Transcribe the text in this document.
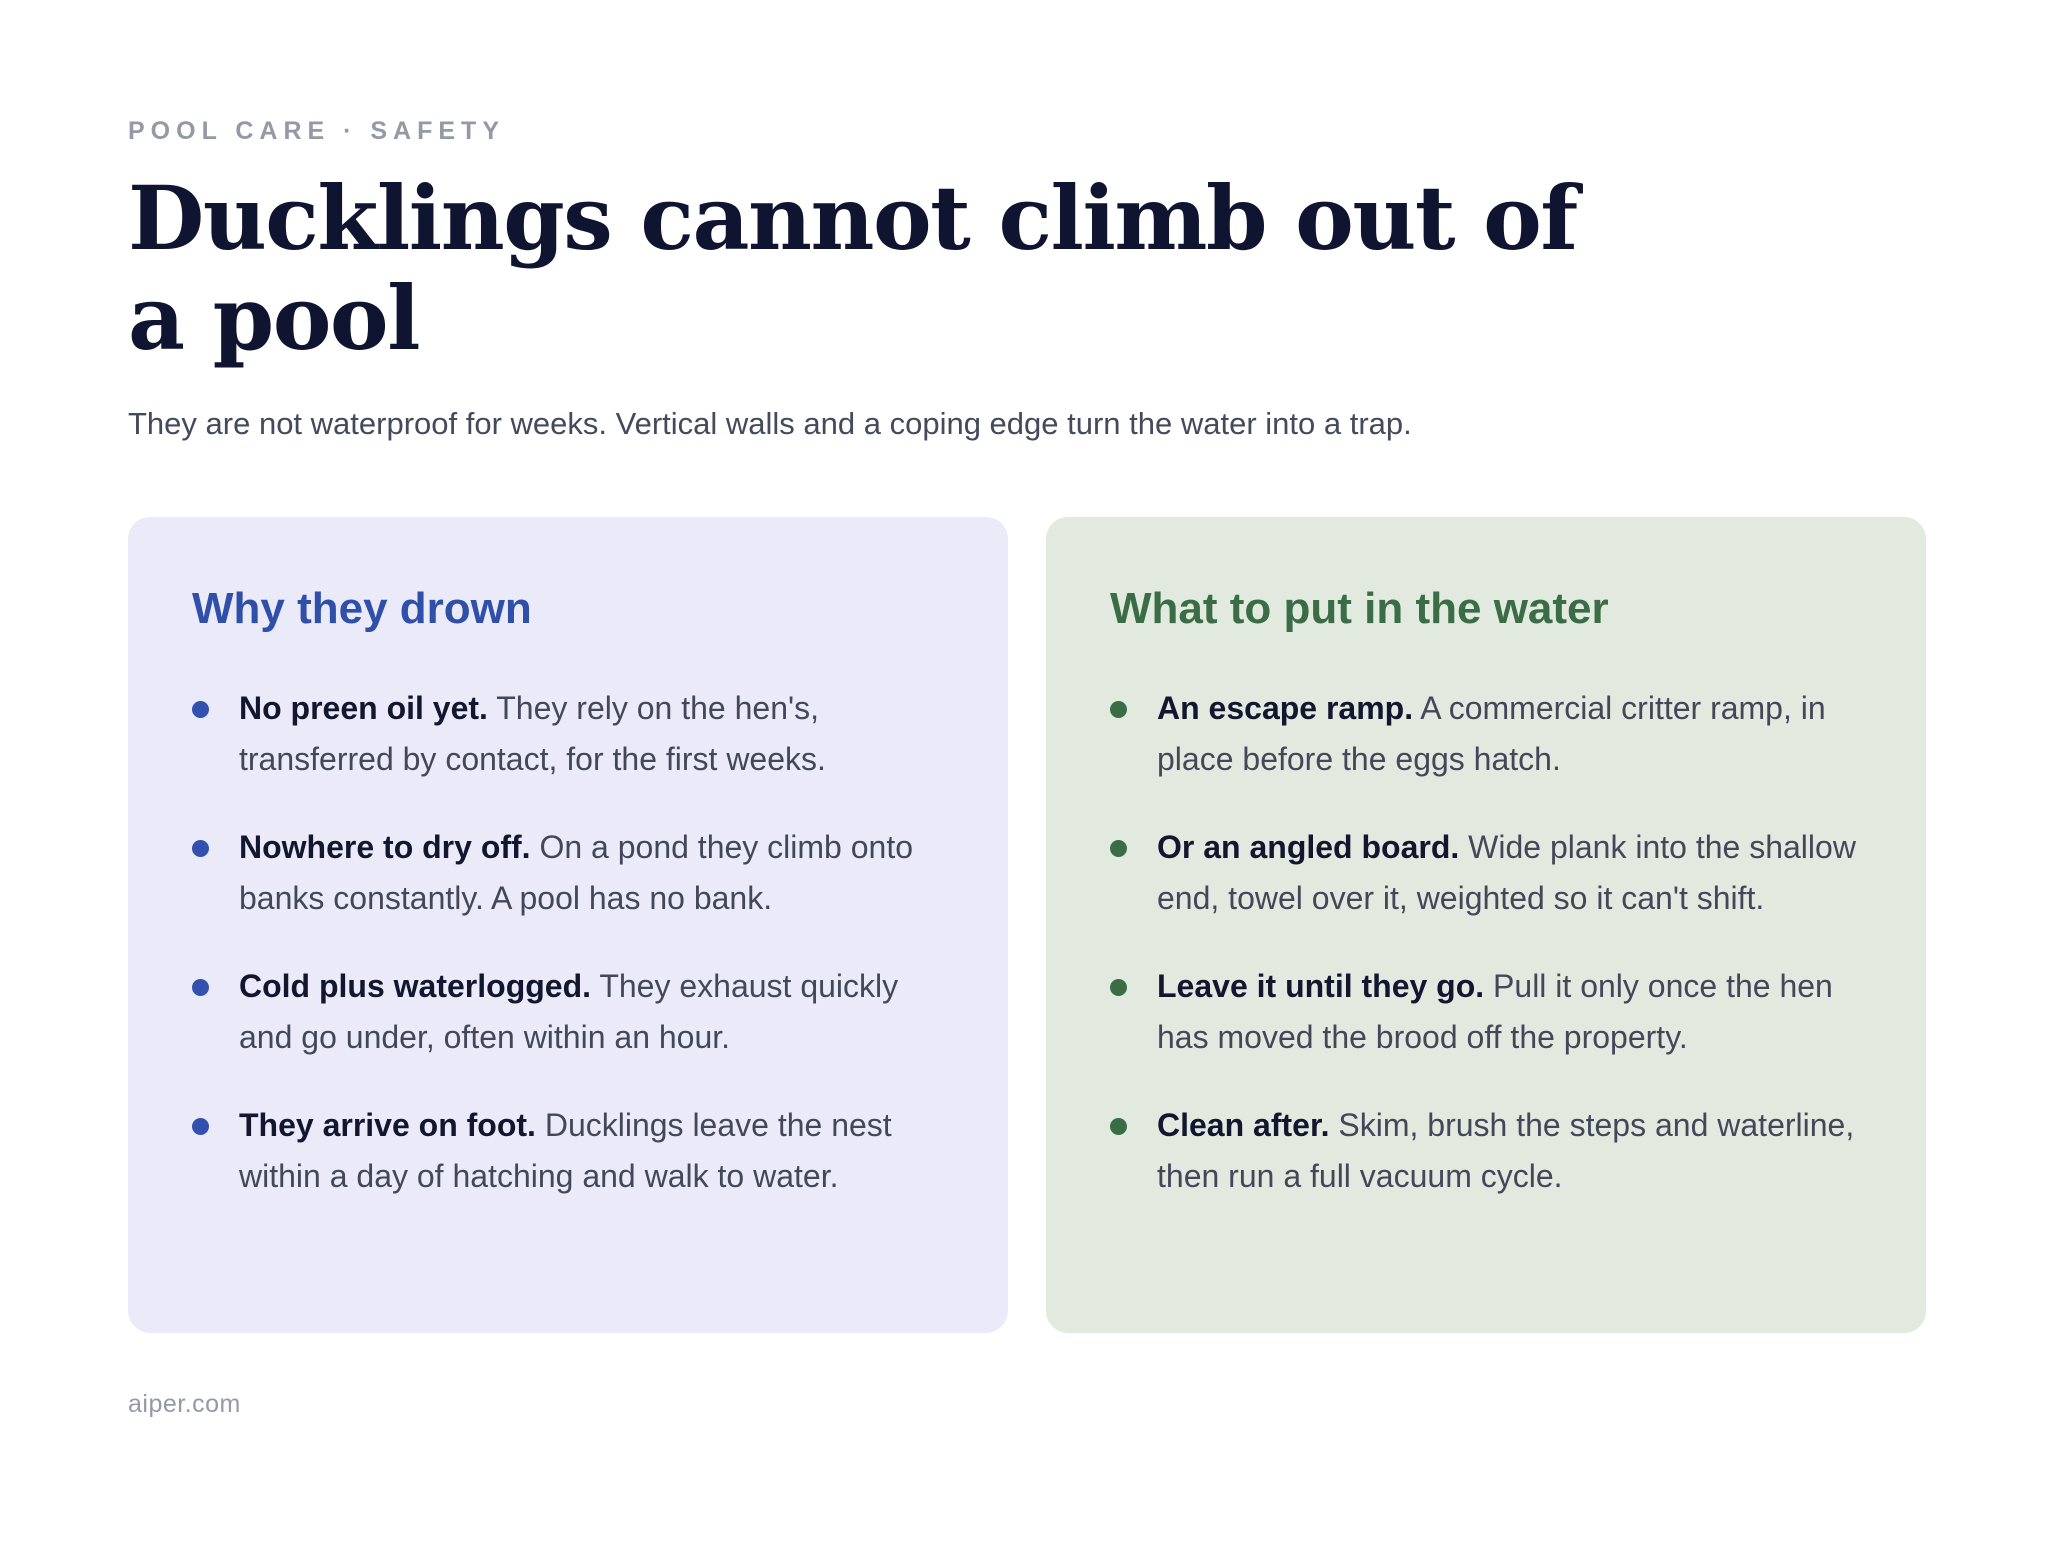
POOL CARE · SAFETY
Ducklings cannot climb out of a pool

They are not waterproof for weeks. Vertical walls and a coping edge turn the water into a trap.

Why they drown
No preen oil yet. They rely on the hen's, transferred by contact, for the first weeks.
Nowhere to dry off. On a pond they climb onto banks constantly. A pool has no bank.
Cold plus waterlogged. They exhaust quickly and go under, often within an hour.
They arrive on foot. Ducklings leave the nest within a day of hatching and walk to water.
What to put in the water
An escape ramp. A commercial critter ramp, in place before the eggs hatch.
Or an angled board. Wide plank into the shallow end, towel over it, weighted so it can't shift.
Leave it until they go. Pull it only once the hen has moved the brood off the property.
Clean after. Skim, brush the steps and waterline, then run a full vacuum cycle.
aiper.com
